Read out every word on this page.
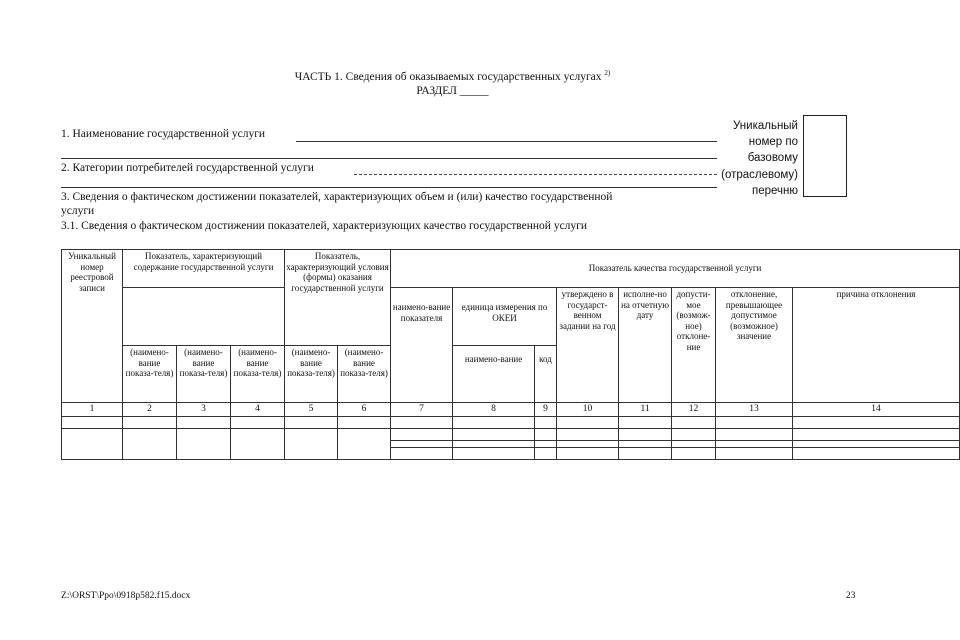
ЧАСТЬ 1. Сведения об оказываемых государственных услугах $^{2)}$
РАЗДЕЛ _____
1. Наименование государственной услуги
2. Категории потребителей государственной услуги
3. Сведения о фактическом достижении показателей, характеризующих объем и (или) качество государственной
услуги
3.1. Сведения о фактическом достижении показателей, характеризующих качество государственной услуги
Уникальный
номер по
базовому
(отраслевому)
перечню
Уникальный номер реестровой записи	Показатель, характеризующий содержание государственной услуги			Показатель, характеризующий условия (формы) оказания государственной услуги		Показатель качества государственной услуги							
						наимено-вание показателя	единица измерения по ОКЕИ		утверждено в государст-венном задании на год	исполне-но на отчетную дату	допусти-мое (возмож-ное) отклоне-ние	отклонение, превышающее допустимое (возможное) значение	причина отклонения
	(наимено-вание показа-теля)	(наимено-вание показа-теля)	(наимено-вание показа-теля)	(наимено-вание показа-теля)	(наимено-вание показа-теля)		наимено-вание	код					
1	2	3	4	5	6	7	8	9	10	11	12	13	14

Z:\ORST\Ppo\0918p582.f15.docx	23
